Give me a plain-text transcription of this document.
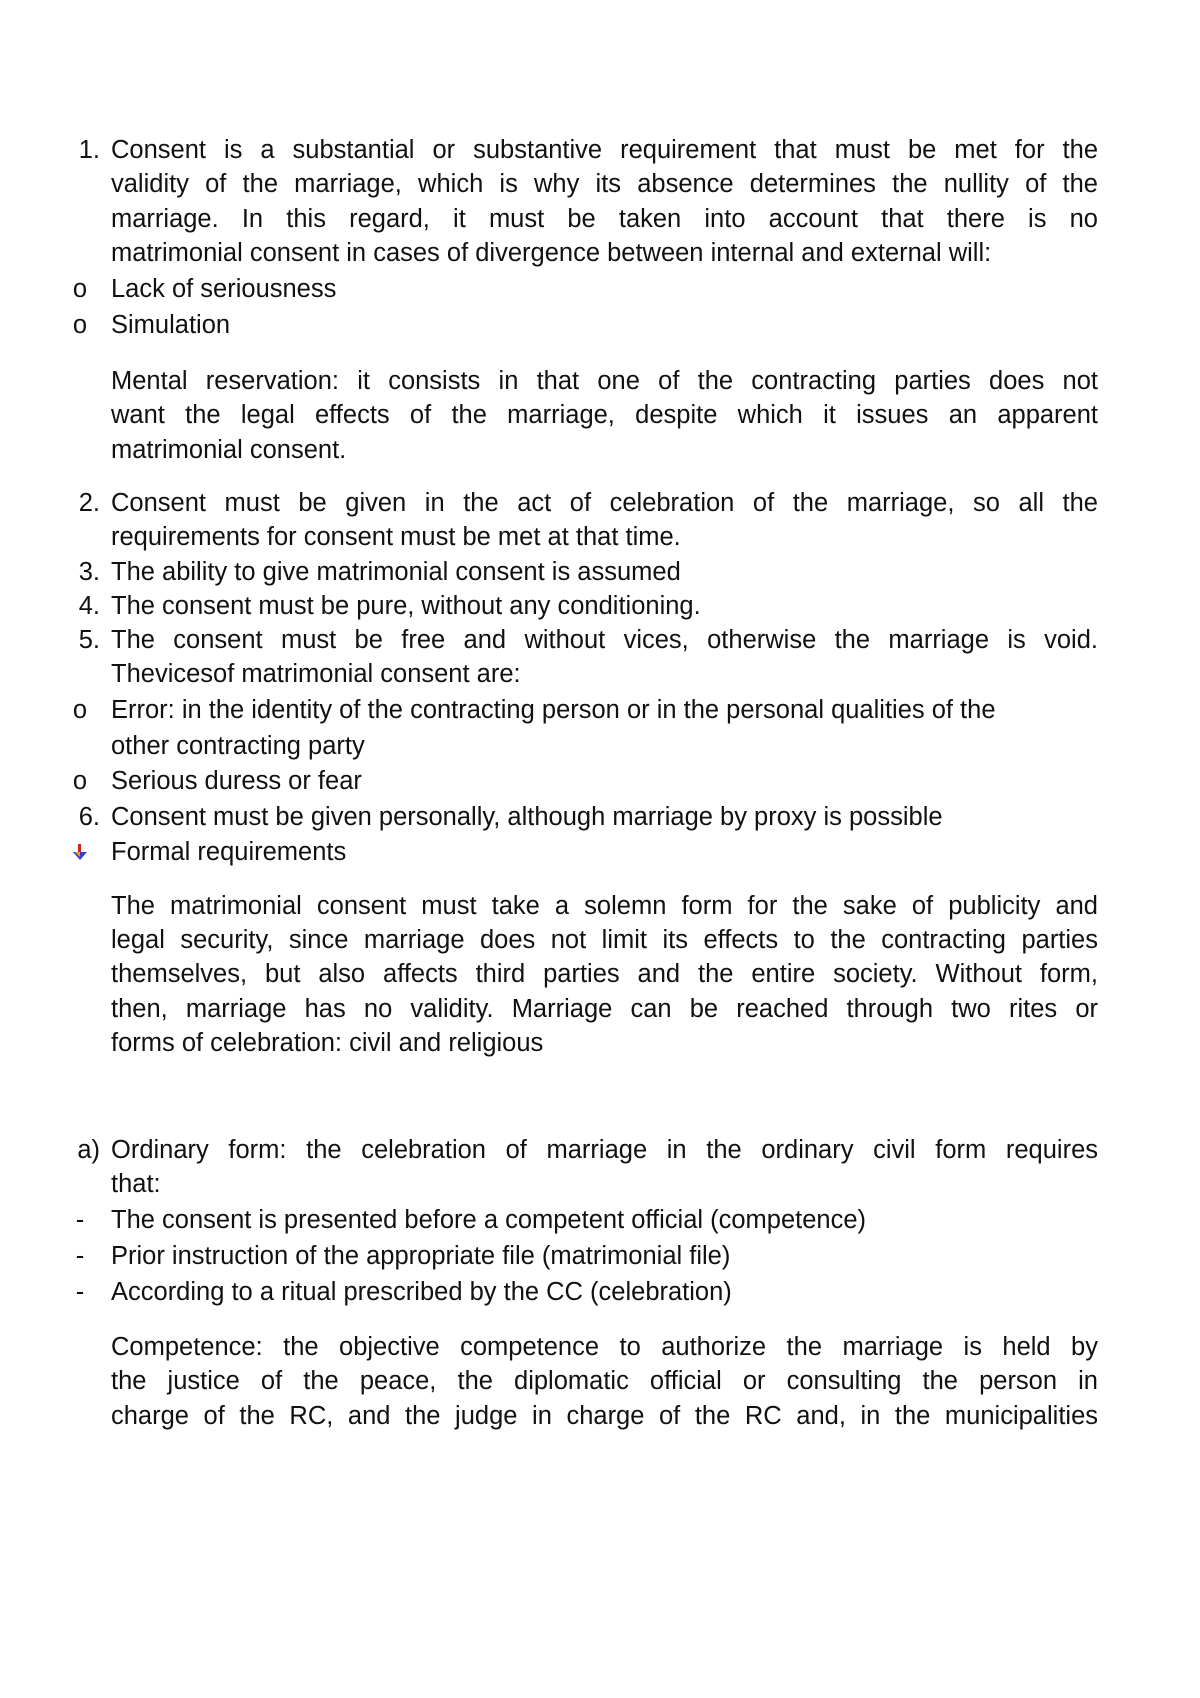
1. Consent is a substantial or substantive requirement that must be met for the
validity of the marriage, which is why its absence determines the nullity of the
marriage. In this regard, it must be taken into account that there is no
matrimonial consent in cases of divergence between internal and external will:
o Lack of seriousness
o Simulation
Mental reservation: it consists in that one of the contracting parties does not
want the legal effects of the marriage, despite which it issues an apparent
matrimonial consent.
2. Consent must be given in the act of celebration of the marriage, so all the
requirements for consent must be met at that time.
3. The ability to give matrimonial consent is assumed
4. The consent must be pure, without any conditioning.
5. The consent must be free and without vices, otherwise the marriage is void.
Thevicesof matrimonial consent are:
o Error: in the identity of the contracting person or in the personal qualities of the
other contracting party
o Serious duress or fear
6. Consent must be given personally, although marriage by proxy is possible
Formal requirements
The matrimonial consent must take a solemn form for the sake of publicity and
legal security, since marriage does not limit its effects to the contracting parties
themselves, but also affects third parties and the entire society. Without form,
then, marriage has no validity. Marriage can be reached through two rites or
forms of celebration: civil and religious
a) Ordinary form: the celebration of marriage in the ordinary civil form requires
that:
-	The consent is presented before a competent official (competence)
-	Prior instruction of the appropriate file (matrimonial file)
-	According to a ritual prescribed by the CC (celebration)
Competence: the objective competence to authorize the marriage is held by
the justice of the peace, the diplomatic official or consulting the person in
charge of the RC, and the judge in charge of the RC and, in the municipalities
